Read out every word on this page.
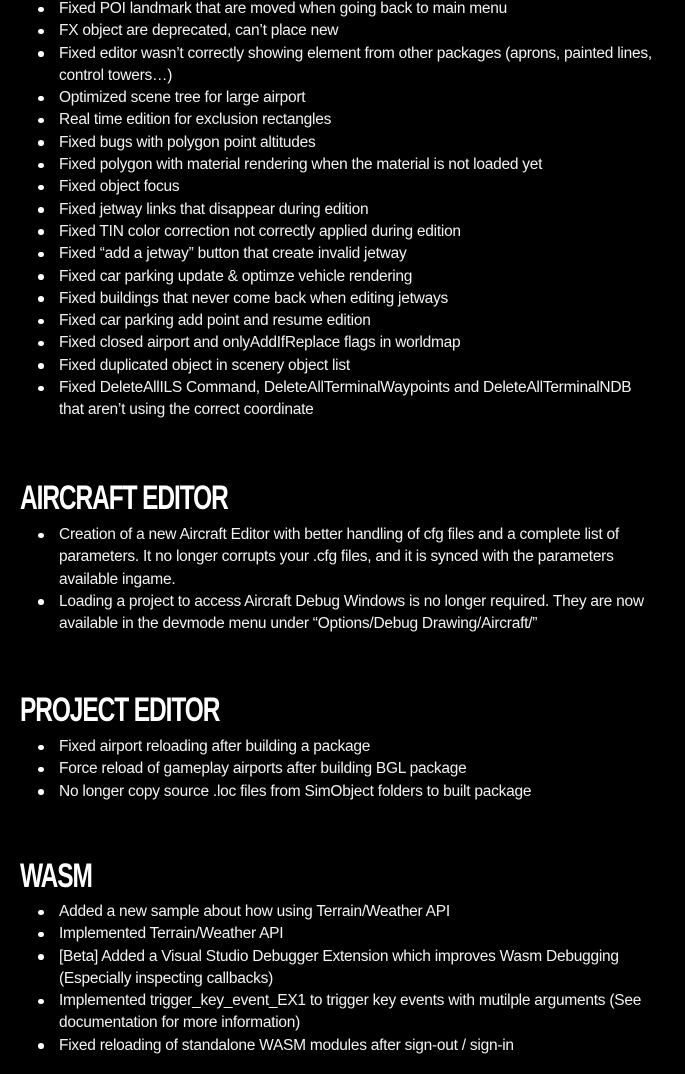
Fixed POI landmark that are moved when going back to main menu
FX object are deprecated, can’t place new
Fixed editor wasn’t correctly showing element from other packages (aprons, painted lines, control towers…)
Optimized scene tree for large airport
Real time edition for exclusion rectangles
Fixed bugs with polygon point altitudes
Fixed polygon with material rendering when the material is not loaded yet
Fixed object focus
Fixed jetway links that disappear during edition
Fixed TIN color correction not correctly applied during edition
Fixed “add a jetway” button that create invalid jetway
Fixed car parking update & optimze vehicle rendering
Fixed buildings that never come back when editing jetways
Fixed car parking add point and resume edition
Fixed closed airport and onlyAddIfReplace flags in worldmap
Fixed duplicated object in scenery object list
Fixed DeleteAllILS Command, DeleteAllTerminalWaypoints and DeleteAllTerminalNDB that aren’t using the correct coordinate
AIRCRAFT EDITOR
Creation of a new Aircraft Editor with better handling of cfg files and a complete list of parameters. It no longer corrupts your .cfg files, and it is synced with the parameters available ingame.
Loading a project to access Aircraft Debug Windows is no longer required. They are now available in the devmode menu under “Options/Debug Drawing/Aircraft/”
PROJECT EDITOR
Fixed airport reloading after building a package
Force reload of gameplay airports after building BGL package
No longer copy source .loc files from SimObject folders to built package
WASM
Added a new sample about how using Terrain/Weather API
Implemented Terrain/Weather API
[Beta] Added a Visual Studio Debugger Extension which improves Wasm Debugging (Especially inspecting callbacks)
Implemented trigger_key_event_EX1 to trigger key events with mutilple arguments (See documentation for more information)
Fixed reloading of standalone WASM modules after sign-out / sign-in
